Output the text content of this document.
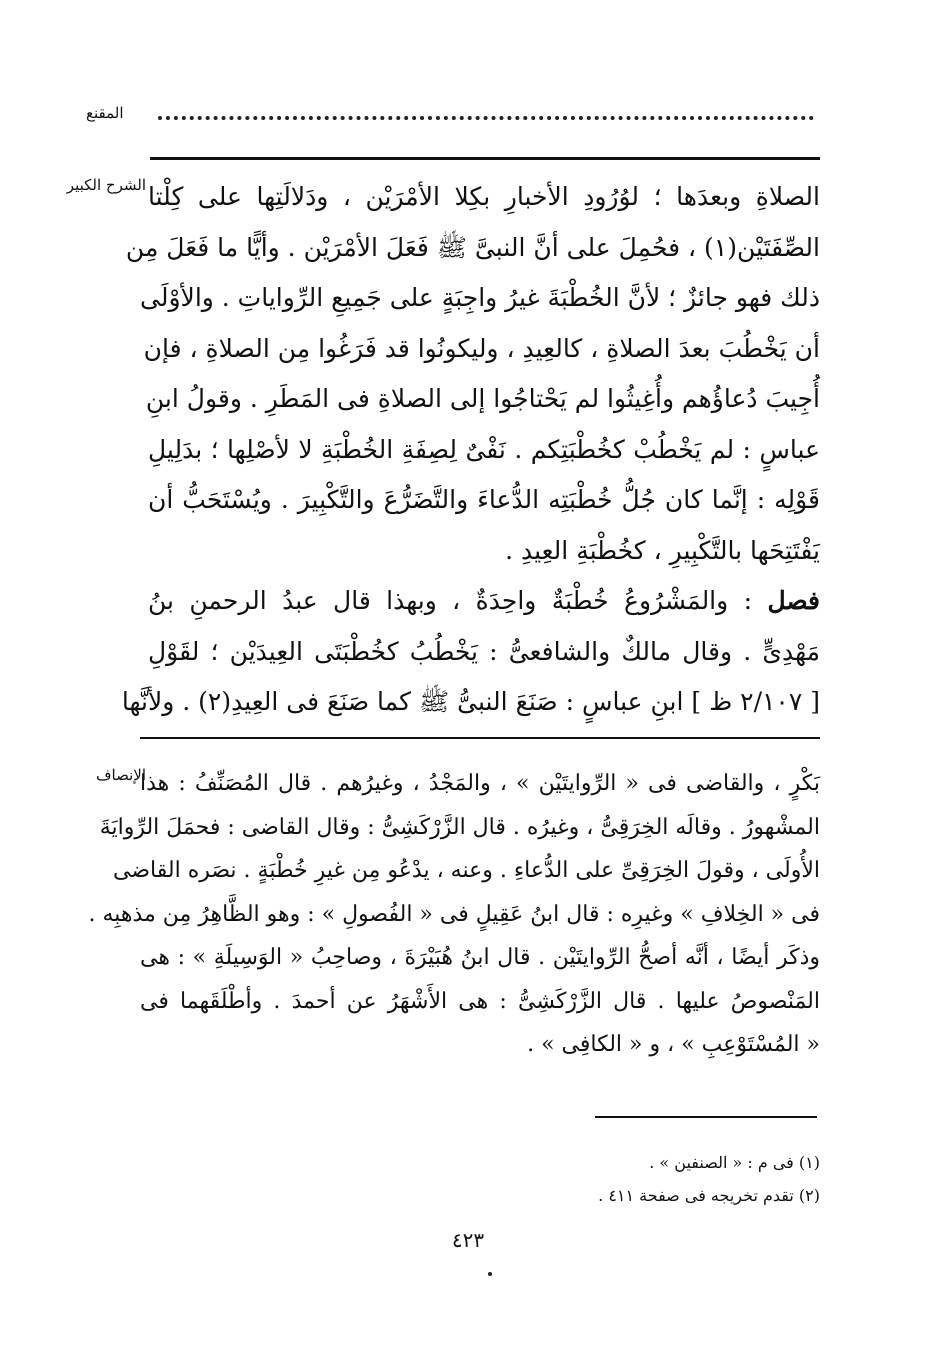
المقنع
الشرح الكبير الصلاةِ وبعدَها ؛ لوُرُودِ الأخبارِ بكِلا الأمْرَيْن ، ودَلالَتِها على كِلْتا
الصِّفَتَيْن(١) ، فحُمِلَ على أنَّ النبىَّ ﷺ فَعَلَ الأمْرَيْن . وأيًّا ما فَعَلَ مِن
ذلك فهو جائزٌ ؛ لأنَّ الخُطْبَةَ غيرُ واجِبَةٍ على جَمِيعِ الرِّواياتِ . والأوْلَى
أن يَخْطُبَ بعدَ الصلاةِ ، كالعِيدِ ، وليكونُوا قد فَرَغُوا مِن الصلاةِ ، فإن
أُجِيبَ دُعاؤُهم وأُغِيثُوا لم يَحْتاجُوا إلى الصلاةِ فى المَطَرِ . وقولُ ابنِ
عباسٍ : لم يَخْطُبْ كخُطْبَتِكم . نَفْىٌ لِصِفَةِ الخُطْبَةِ لا لأصْلِها ؛ بدَلِيلِ
قَوْلِه : إنَّما كان جُلُّ خُطْبَتِه الدُّعاءَ والتَّضَرُّعَ والتَّكْبِيرَ . ويُسْتَحَبُّ أن
يَفْتَتِحَها بالتَّكْبِيرِ ، كخُطْبَةِ العِيدِ .
فصل : والمَشْرُوعُ خُطْبَةٌ واحِدَةٌ ، وبهذا قال عبدُ الرحمنِ بنُ
مَهْدِىٍّ . وقال مالكٌ والشافعىُّ : يَخْطُبُ كخُطْبَتَى العِيدَيْن ؛ لقَوْلِ
[ ٢/١٠٧ ظ ] ابنِ عباسٍ : صَنَعَ النبىُّ ﷺ كما صَنَعَ فى العِيدِ(٢) . ولأنَّها
الإنصاف
بَكْرٍ ، والقاضى فى « الرِّوايتَيْن » ، والمَجْدُ ، وغيرُهم . قال المُصَنِّفُ : هذا
المشْهورُ . وقالَه الخِرَقِىُّ ، وغيرُه . قال الزَّرْكَشِىُّ : وقال القاضى : فحمَلَ الرِّوايَةَ
الأُولَى ، وقولَ الخِرَقِىِّ على الدُّعاءِ . وعنه ، يدْعُو مِن غيرِ خُطْبَةٍ . نصَره القاضى
فى « الخِلافِ » وغيرِه : قال ابنُ عَقِيلٍ فى « الفُصولِ » : وهو الظَّاهِرُ مِن مذهبِه .
وذكَر أيضًا ، أنَّه أصحُّ الرِّوايتَيْن . قال ابنُ هُبَيْرَةَ ، وصاحِبُ « الوَسِيلَةِ » : هى
المَنْصوصُ عليها . قال الزَّرْكَشِىُّ : هى الأَشْهَرُ عن أحمدَ . وأطْلَقَهما فى
« المُسْتَوْعِبِ » ، و « الكافِى » .
(١) فى م : « الصنفين » .
(٢) تقدم تخريجه فى صفحة ٤١١ .
٤٢٣
